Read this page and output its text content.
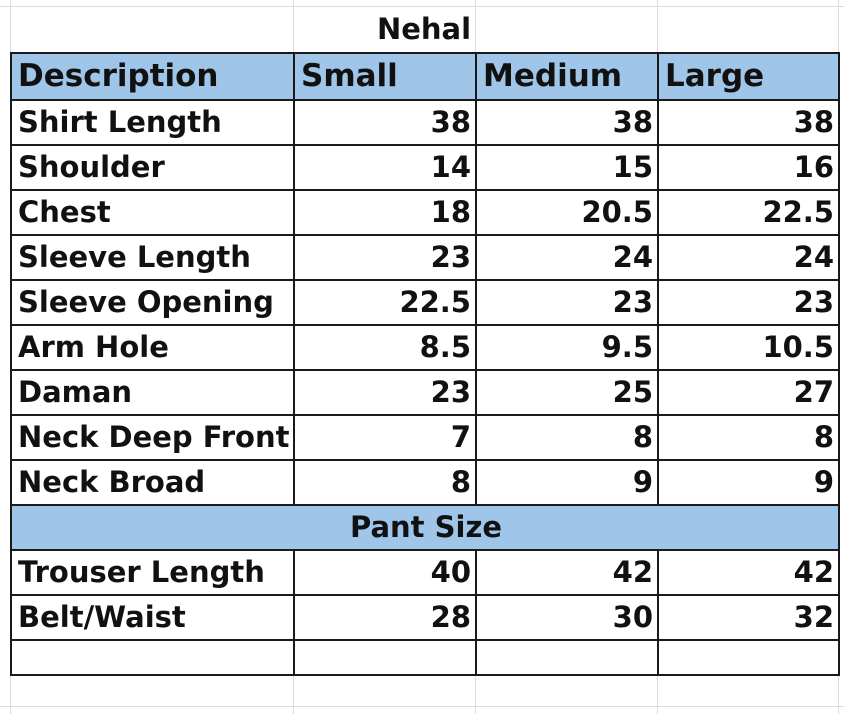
Nehal
Description	Small	Medium	Large
Shirt Length	38	38	38
Shoulder	14	15	16
Chest	18	20.5	22.5
Sleeve Length	23	24	24
Sleeve Opening	22.5	23	23
Arm Hole	8.5	9.5	10.5
Daman	23	25	27
Neck Deep Front	7	8	8
Neck Broad	8	9	9
Pant Size			
Trouser Length	40	42	42
Belt/Waist	28	30	32
